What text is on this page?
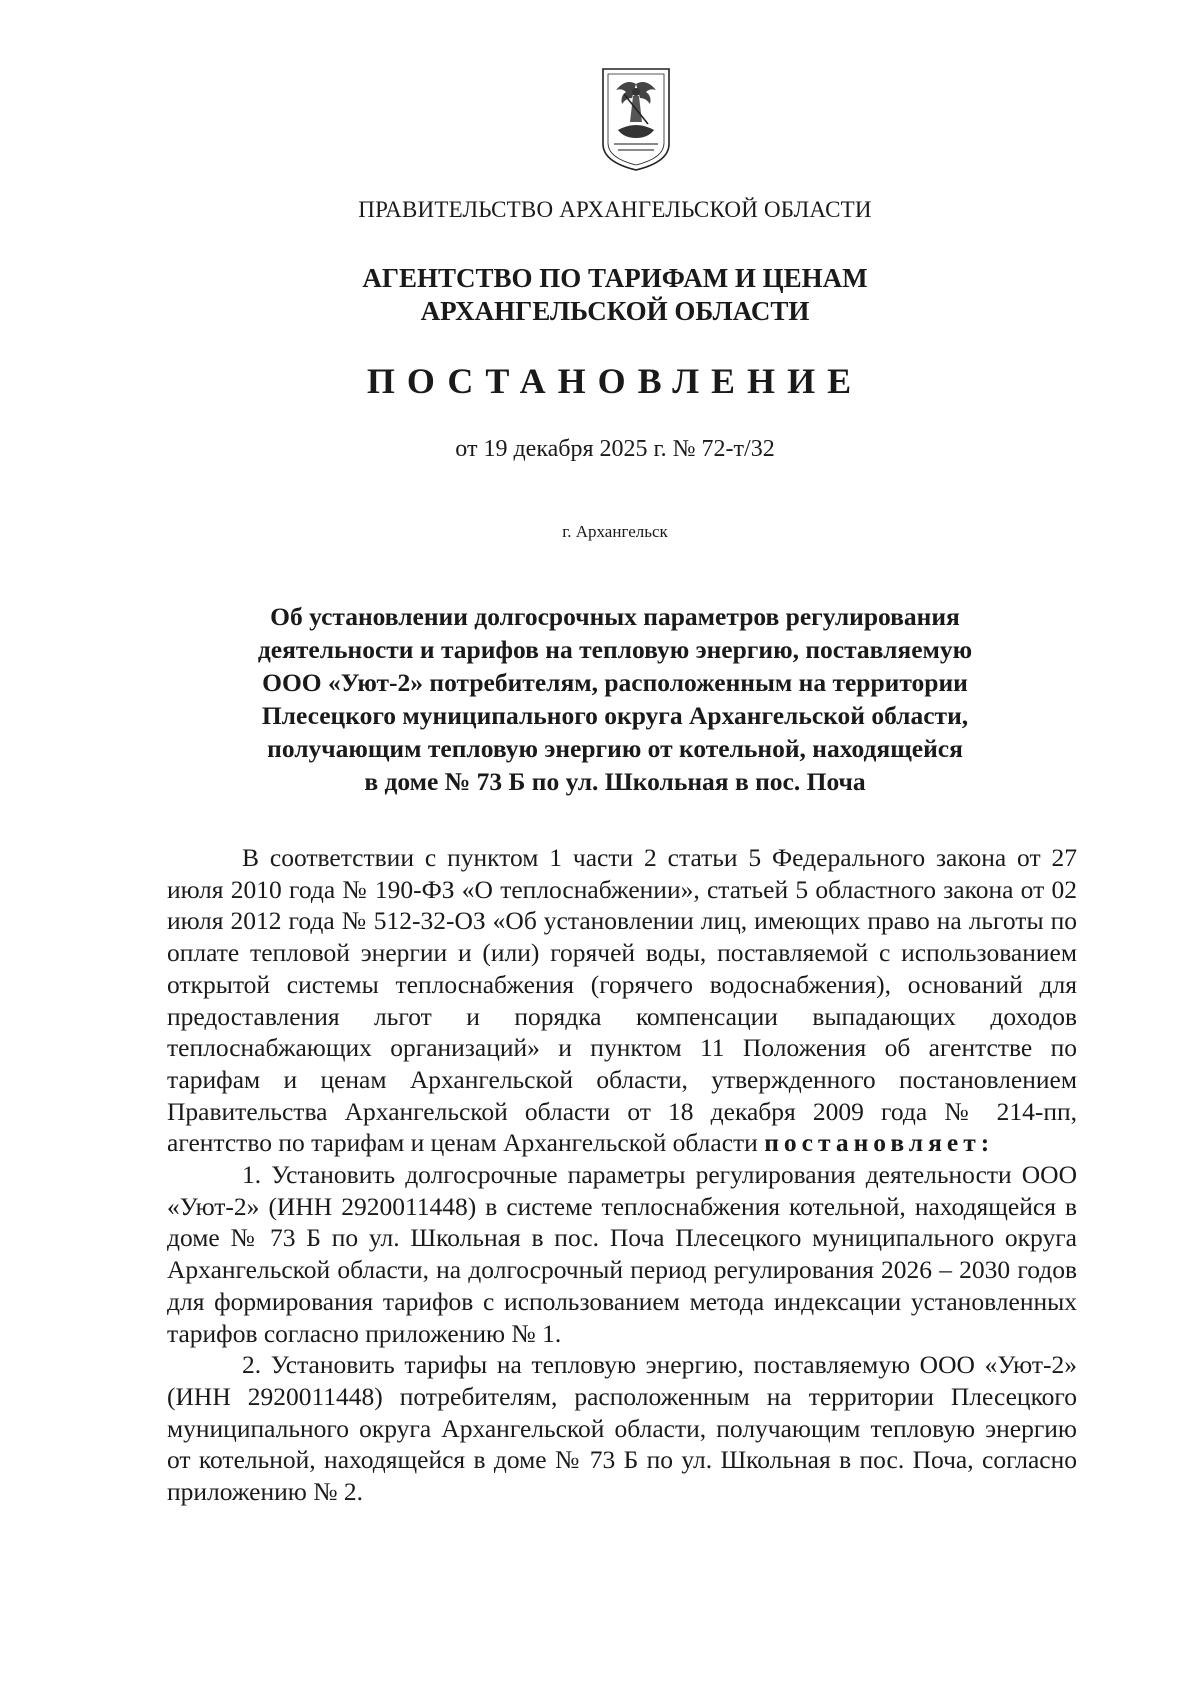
ПРАВИТЕЛЬСТВО АРХАНГЕЛЬСКОЙ ОБЛАСТИ

АГЕНТСТВО ПО ТАРИФАМ И ЦЕНАМ
АРХАНГЕЛЬСКОЙ ОБЛАСТИ

ПОСТАНОВЛЕНИЕ

от 19 декабря 2025 г. № 72-т/32

г. Архангельск

Об установлении долгосрочных параметров регулирования
деятельности и тарифов на тепловую энергию, поставляемую
ООО «Уют-2» потребителям, расположенным на территории
Плесецкого муниципального округа Архангельской области,
получающим тепловую энергию от котельной, находящейся
в доме № 73 Б по ул. Школьная в пос. Почa

В соответствии с пунктом 1 части 2 статьи 5 Федерального закона от 27 июля 2010 года № 190-ФЗ «О теплоснабжении», статьей 5 областного закона от 02 июля 2012 года № 512-32-ОЗ «Об установлении лиц, имеющих право на льготы по оплате тепловой энергии и (или) горячей воды, поставляемой с использованием открытой системы теплоснабжения (горячего водоснабжения), оснований для предоставления льгот и порядка компенсации выпадающих доходов теплоснабжающих организаций» и пунктом 11 Положения об агентстве по тарифам и ценам Архангельской области, утвержденного постановлением Правительства Архангельской области от 18 декабря 2009 года № 214-пп, агентство по тарифам и ценам Архангельской области постановляет:

1. Установить долгосрочные параметры регулирования деятельности ООО «Уют-2» (ИНН 2920011448) в системе теплоснабжения котельной, находящейся в доме № 73 Б по ул. Школьная в пос. Почa Плесецкого муниципального округа Архангельской области, на долгосрочный период регулирования 2026 – 2030 годов для формирования тарифов с использованием метода индексации установленных тарифов согласно приложению № 1.

2. Установить тарифы на тепловую энергию, поставляемую ООО «Уют-2» (ИНН 2920011448) потребителям, расположенным на территории Плесецкого муниципального округа Архангельской области, получающим тепловую энергию от котельной, находящейся в доме № 73 Б по ул. Школьная в пос. Почa, согласно приложению № 2.
